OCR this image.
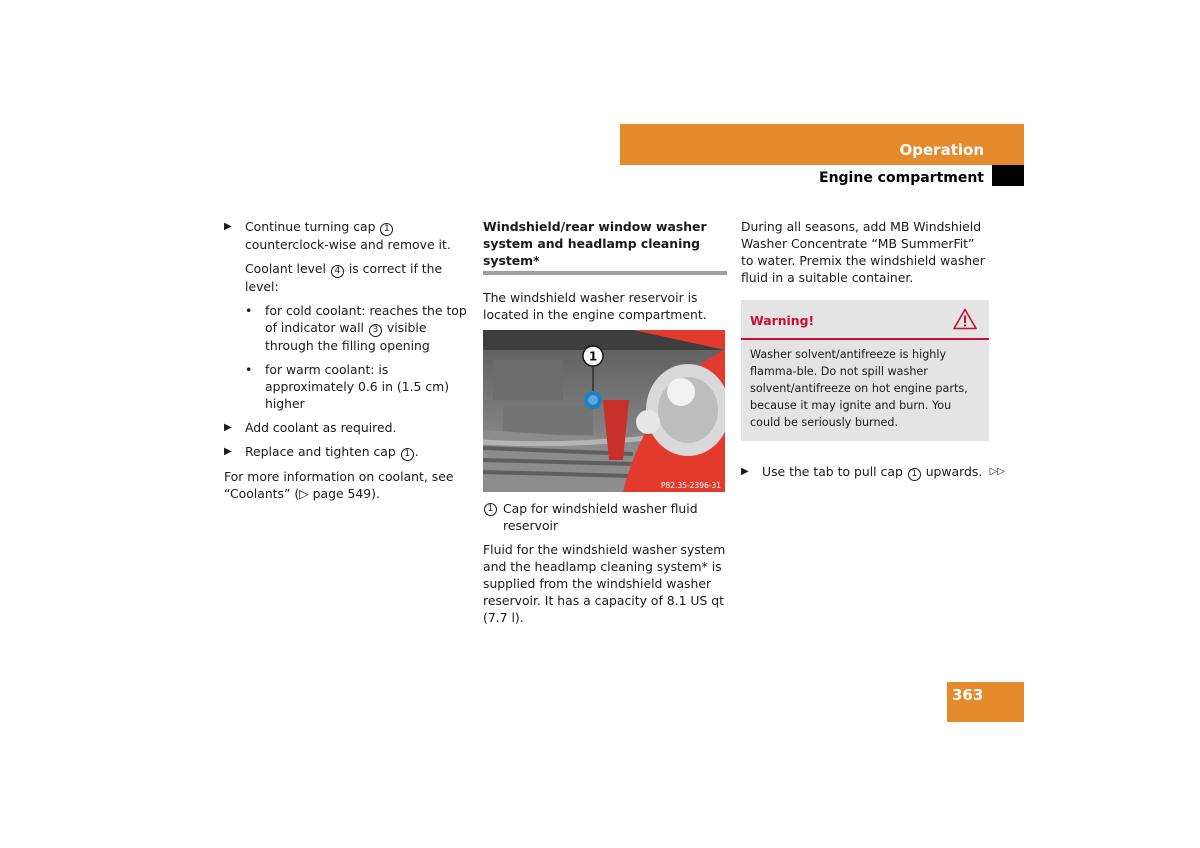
Operation
Engine compartment
▶ Continue turning cap 1 counterclock-wise and remove it.
Coolant level 4 is correct if the level:
• for cold coolant: reaches the top of indicator wall 3 visible through the filling opening
• for warm coolant: is approximately 0.6 in (1.5 cm) higher
▶ Add coolant as required.
▶ Replace and tighten cap 1 .

For more information on coolant, see “Coolants” (▷ page 549).

Windshield/rear window washer system and headlamp cleaning system*

The windshield washer reservoir is located in the engine compartment.

1
P82.35-2396-31
1 Cap for windshield washer fluid reservoir

Fluid for the windshield washer system and the headlamp cleaning system* is supplied from the windshield washer reservoir. It has a capacity of 8.1 US qt (7.7 l).

During all seasons, add MB Windshield Washer Concentrate “MB SummerFit” to water. Premix the windshield washer fluid in a suitable container.

Warning!
Washer solvent/antifreeze is highly flamma-ble. Do not spill washer solvent/antifreeze on hot engine parts, because it may ignite and burn. You could be seriously burned.
▶ Use the tab to pull cap 1 upwards. ▷▷
363
